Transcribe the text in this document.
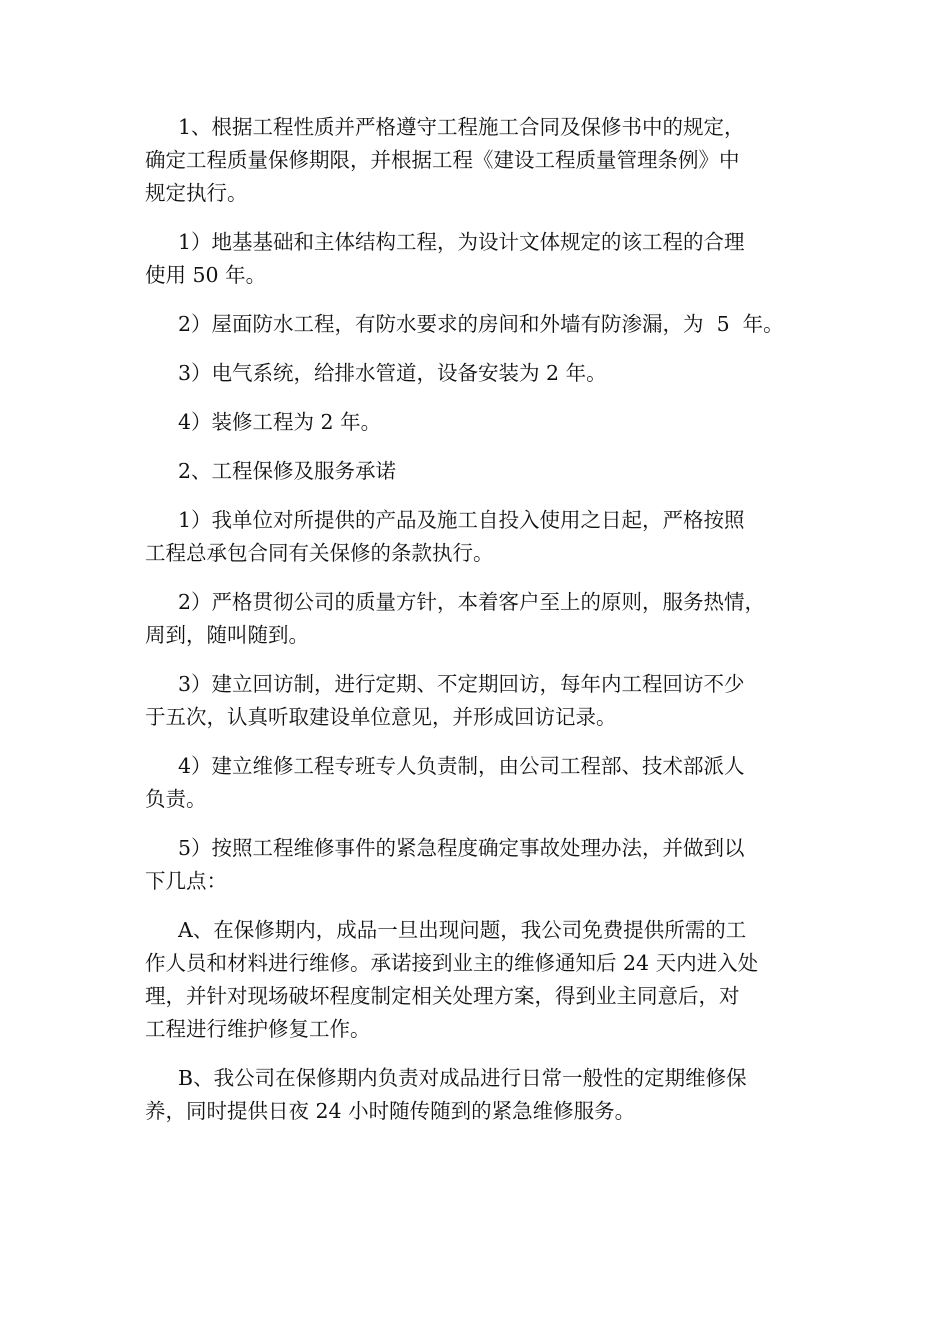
1、根据工程性质并严格遵守工程施工合同及保修书中的规定，
确定工程质量保修期限，并根据工程《建设工程质量管理条例》中
规定执行。

1）地基基础和主体结构工程，为设计文体规定的该工程的合理
使用 50 年。

2）屋面防水工程，有防水要求的房间和外墙有防渗漏，为  5  年。

3）电气系统，给排水管道，设备安装为 2 年。

4）装修工程为 2 年。

2、工程保修及服务承诺

1）我单位对所提供的产品及施工自投入使用之日起，严格按照
工程总承包合同有关保修的条款执行。

2）严格贯彻公司的质量方针，本着客户至上的原则，服务热情，
周到，随叫随到。

3）建立回访制，进行定期、不定期回访，每年内工程回访不少
于五次，认真听取建设单位意见，并形成回访记录。

4）建立维修工程专班专人负责制，由公司工程部、技术部派人
负责。

5）按照工程维修事件的紧急程度确定事故处理办法，并做到以
下几点：

A、在保修期内，成品一旦出现问题，我公司免费提供所需的工
作人员和材料进行维修。承诺接到业主的维修通知后 24 天内进入处
理，并针对现场破坏程度制定相关处理方案，得到业主同意后，对
工程进行维护修复工作。

B、我公司在保修期内负责对成品进行日常一般性的定期维修保
养，同时提供日夜 24 小时随传随到的紧急维修服务。
